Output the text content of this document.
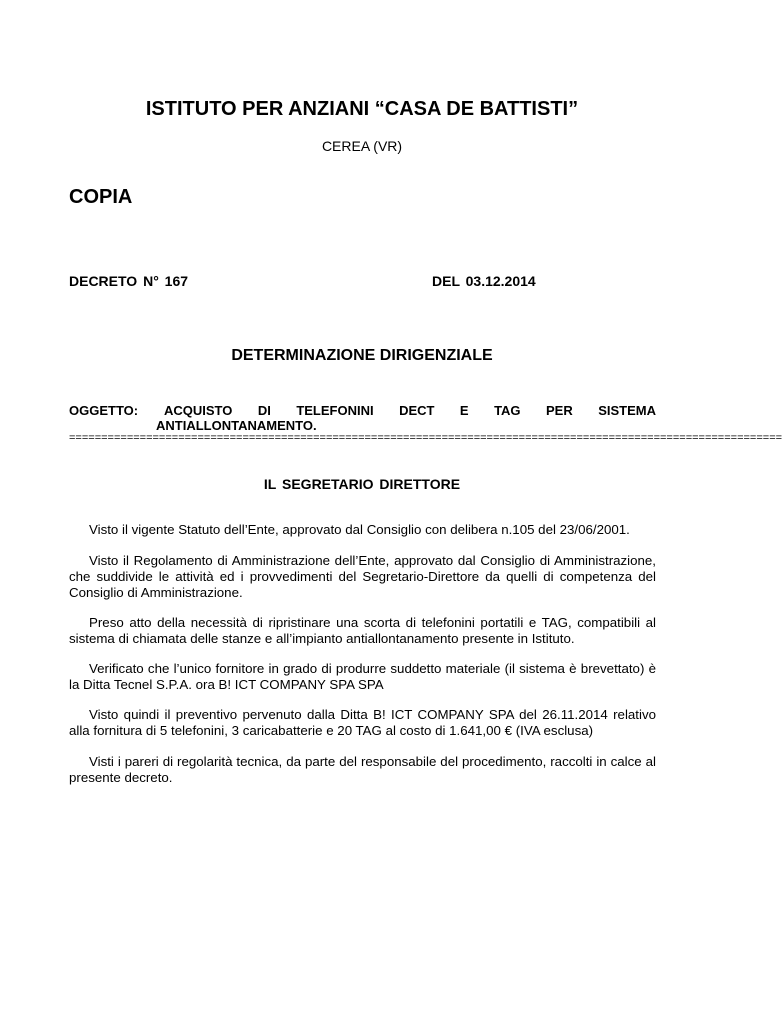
ISTITUTO PER ANZIANI “CASA DE BATTISTI”
CEREA (VR)
COPIA
DECRETO N° 167	DEL 03.12.2014
DETERMINAZIONE DIRIGENZIALE
OGGETTO: ACQUISTO DI TELEFONINI DECT E TAG PER SISTEMA
ANTIALLONTANAMENTO.
===============================================================================================================
IL SEGRETARIO DIRETTORE
Visto il vigente Statuto dell’Ente, approvato dal Consiglio con delibera n.105 del 23/06/2001.
Visto il Regolamento di Amministrazione dell’Ente, approvato dal Consiglio di Amministrazione, che suddivide le attività ed i provvedimenti del Segretario-Direttore da quelli di competenza del Consiglio di Amministrazione.
Preso atto della necessità di ripristinare una scorta di telefonini portatili e TAG, compatibili al sistema di chiamata delle stanze e all’impianto antiallontanamento presente in Istituto.
Verificato che l’unico fornitore in grado di produrre suddetto materiale (il sistema è brevettato) è la Ditta Tecnel S.P.A. ora B! ICT COMPANY SPA SPA
Visto quindi il preventivo pervenuto dalla Ditta B! ICT COMPANY SPA del 26.11.2014 relativo alla fornitura di 5 telefonini, 3 caricabatterie e 20 TAG al costo di 1.641,00 € (IVA esclusa)
Visti i pareri di regolarità tecnica, da parte del responsabile del procedimento, raccolti in calce al presente decreto.
